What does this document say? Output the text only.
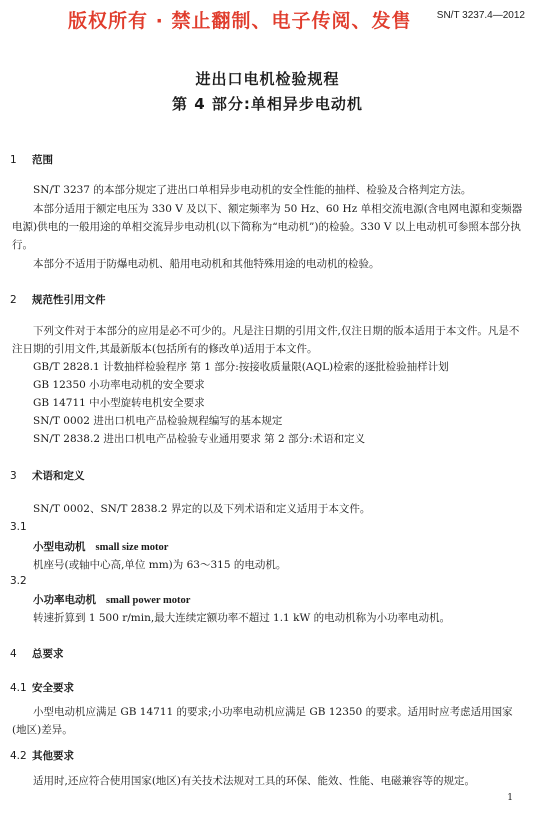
版权所有 · 禁止翻制、电子传阅、发售	SN/T 3237.4—2012
进出口电机检验规程
第 4 部分:单相异步电动机
1 范围
SN/T 3237 的本部分规定了进出口单相异步电动机的安全性能的抽样、检验及合格判定方法。
本部分适用于额定电压为 330 V 及以下、额定频率为 50 Hz、60 Hz 单相交流电源(含电网电源和变频器电源)供电的一般用途的单相交流异步电动机(以下简称为“电动机”)的检验。330 V 以上电动机可参照本部分执行。
本部分不适用于防爆电动机、船用电动机和其他特殊用途的电动机的检验。
2 规范性引用文件
下列文件对于本部分的应用是必不可少的。凡是注日期的引用文件,仅注日期的版本适用于本文件。凡是不注日期的引用文件,其最新版本(包括所有的修改单)适用于本文件。
GB/T 2828.1 计数抽样检验程序 第 1 部分:按接收质量限(AQL)检索的逐批检验抽样计划
GB 12350 小功率电动机的安全要求
GB 14711 中小型旋转电机安全要求
SN/T 0002 进出口机电产品检验规程编写的基本规定
SN/T 2838.2 进出口机电产品检验专业通用要求 第 2 部分:术语和定义
3 术语和定义
SN/T 0002、SN/T 2838.2 界定的以及下列术语和定义适用于本文件。
3.1
小型电动机 small size motor
机座号(或轴中心高,单位 mm)为 63～315 的电动机。
3.2
小功率电动机 small power motor
转速折算到 1 500 r/min,最大连续定额功率不超过 1.1 kW 的电动机称为小功率电动机。
4 总要求
4.1 安全要求
小型电动机应满足 GB 14711 的要求;小功率电动机应满足 GB 12350 的要求。适用时应考虑适用国家(地区)差异。
4.2 其他要求
适用时,还应符合使用国家(地区)有关技术法规对工具的环保、能效、性能、电磁兼容等的规定。
1
